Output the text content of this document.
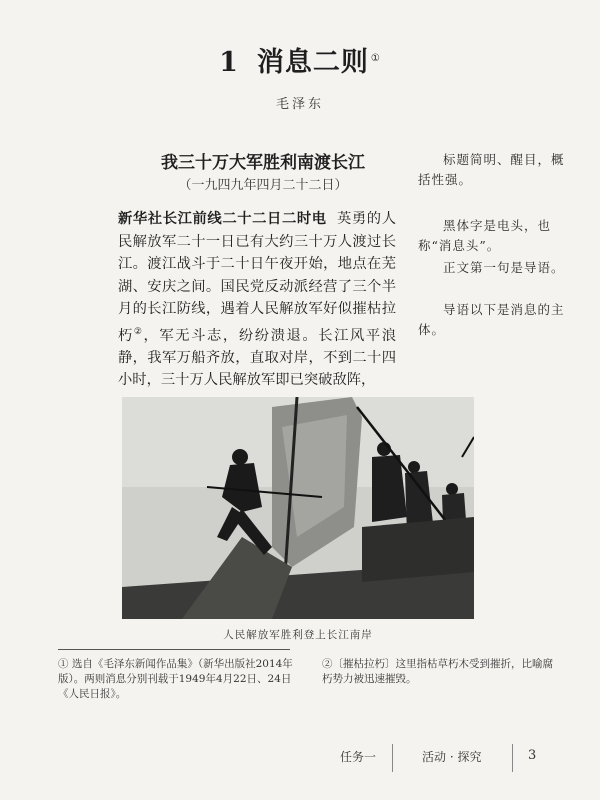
1 消息二则 ①
毛泽东
我三十万大军胜利南渡长江
（一九四九年四月二十二日）

新华社长江前线二十二日二时电 英勇的人民解放军二十一日已有大约三十万人渡过长江。渡江战斗于二十日午夜开始，地点在芜湖、安庆之间。国民党反动派经营了三个半月的长江防线，遇着人民解放军好似摧枯拉朽②，军无斗志，纷纷溃退。长江风平浪静，我军万船齐放，直取对岸，不到二十四小时，三十万人民解放军即已突破敌阵，

标题简明、醒目，概括性强。

黑体字是电头，也称“消息头”。

正文第一句是导语。

导语以下是消息的主体。

人民解放军胜利登上长江南岸
① 选自《毛泽东新闻作品集》（新华出版社2014年版）。两则消息分别刊载于1949年4月22日、24日《人民日报》。
②〔摧枯拉朽〕这里指枯草朽木受到摧折，比喻腐朽势力被迅速摧毁。
任务一	活动 · 探究	3
